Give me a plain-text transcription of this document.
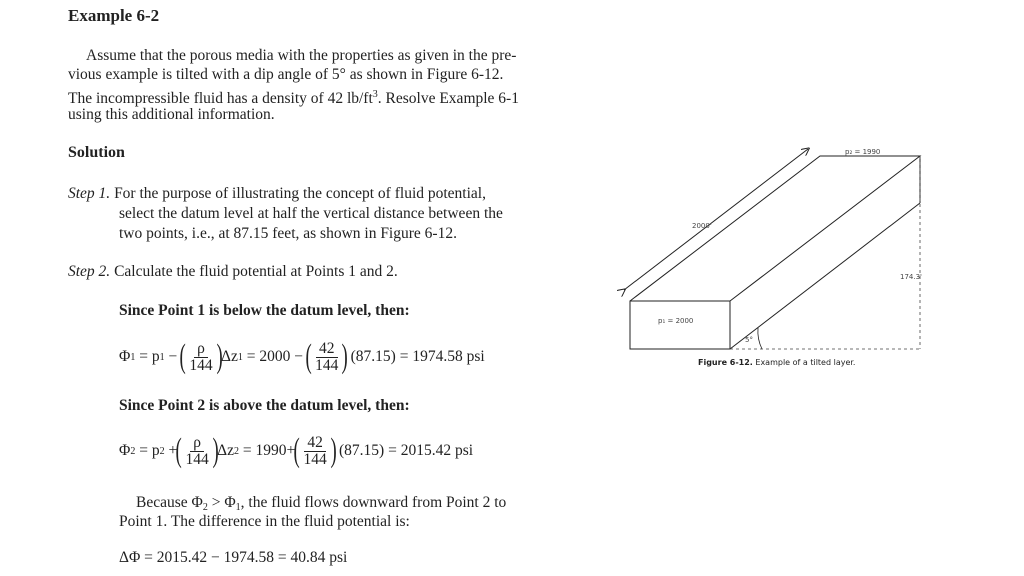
Example 6-2
Assume that the porous media with the properties as given in the pre-
vious example is tilted with a dip angle of 5° as shown in Figure 6-12.
The incompressible fluid has a density of 42 $lb/ft^3$. Resolve Example 6-1
using this additional information.
Solution
Step 1. For the purpose of illustrating the concept of fluid potential,
select the datum level at half the vertical distance between the
two points, i.e., at 87.15 feet, as shown in Figure 6-12.
Step 2. Calculate the fluid potential at Points 1 and 2.
Since Point 1 is below the datum level, then:
Φ 1
= p 1
−
( $\frac{\rho}{144}$ )
Δz 1
= 2000 −
( $\frac{42}{144}$ )
(87.15) = 1974.58 psi
Since Point 2 is above the datum level, then:
Φ 2
= p 2
+
( $\frac{\rho}{144}$ )
Δz 2
= 1990+
( $\frac{42}{144}$ )
(87.15) = 2015.42 psi
Because $\Phi_2 > \Phi_1$, the fluid flows downward from Point 2 to
Point 1. The difference in the fluid potential is:
ΔΦ = 2015.42 − 1974.58 = 40.84 psi
p₂ = 1990
p₁ = 2000
2000'
174.3'
5°
Figure 6-12. Example of a tilted layer.
